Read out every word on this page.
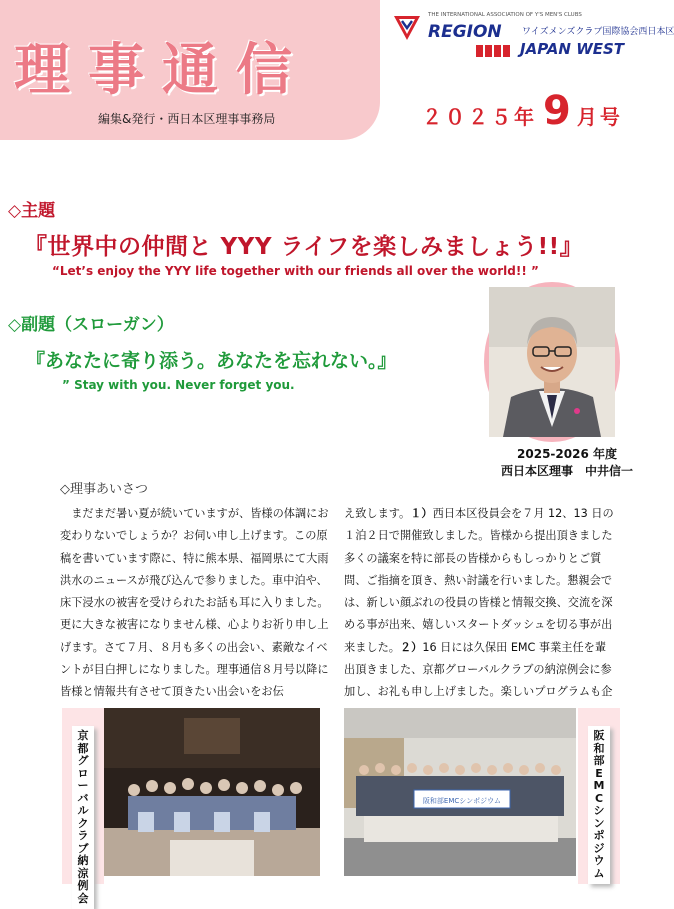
理事通信
編集&発行・西日本区理事事務局
THE INTERNATIONAL ASSOCIATION OF Y'S MEN'S CLUBS
REGION ワイズメンズクラブ国際協会西日本区
JAPAN WEST
２０２５年 9 月号
◇主題
『世界中の仲間と YYY ライフを楽しみましょう!!』
“Let’s enjoy the YYY life together with our friends all over the world!! ”
◇副題（スローガン）
『あなたに寄り添う。あなたを忘れない。』
” Stay with you. Never forget you.
2025-2026 年度
西日本区理事　中井信一
◇理事あいさつ
まだまだ暑い夏が続いていますが、皆様の体調にお変わりないでしょうか？お伺い申し上げます。この原稿を書いています際に、特に熊本県、福岡県にて大雨洪水のニュースが飛び込んで参りました。車中泊や、床下浸水の被害を受けられたお話も耳に入りました。更に大きな被害になりません様、心よりお祈り申し上げます。さて７月、８月も多くの出会い、素敵なイベントが目白押しになりました。理事通信８月号以降に皆様と情報共有させて頂きたい出会いをお伝
え致します。１）西日本区役員会を７月 12、13 日の１泊２日で開催致しました。皆様から提出頂きました多くの議案を特に部長の皆様からもしっかりとご質問、ご指摘を頂き、熱い討議を行いました。懇親会では、新しい顔ぶれの役員の皆様と情報交換、交流を深める事が出来、嬉しいスタートダッシュを切る事が出来ました。２）16 日には久保田 EMC 事業主任を輩出頂きました、京都グローバルクラブの納涼例会に参加し、お礼も申し上げました。楽しいプログラムも企
阪和部EMCシンポジウム
京都グローバルクラブ納涼例会
阪和部EMCシンポジウム
